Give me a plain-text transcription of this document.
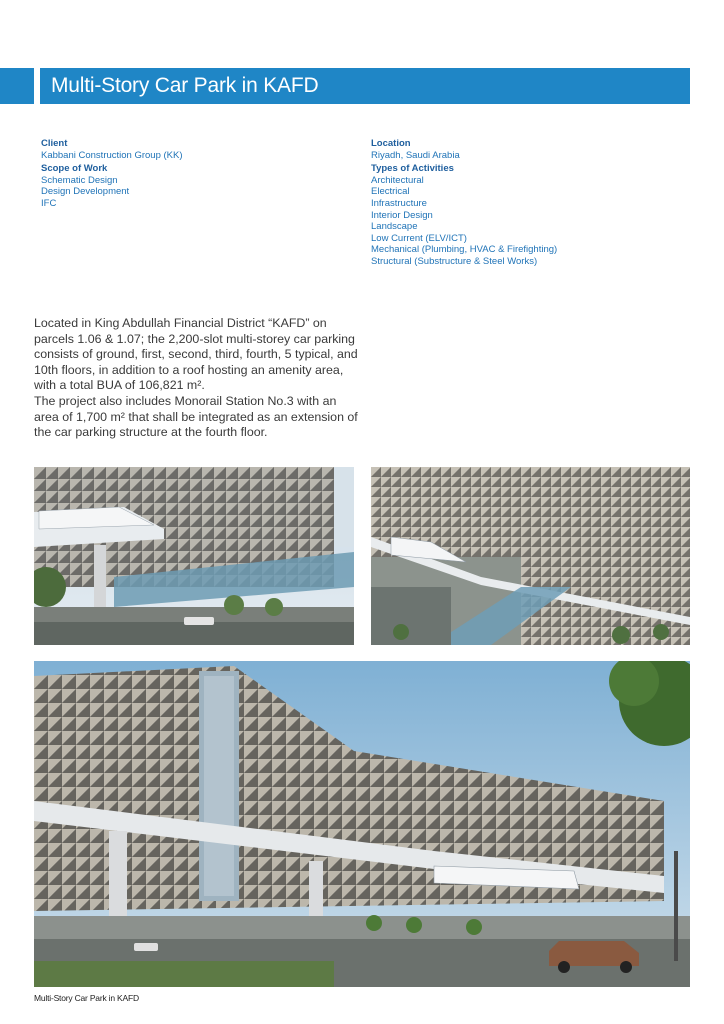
Multi-Story Car Park in KAFD
Client
Kabbani Construction Group (KK)
Scope of Work
Schematic Design
Design Development
IFC
Location
Riyadh, Saudi Arabia
Types of Activities
Architectural
Electrical
Infrastructure
Interior Design
Landscape
Low Current (ELV/ICT)
Mechanical (Plumbing, HVAC & Firefighting)
Structural (Substructure & Steel Works)

Located in King Abdullah Financial District “KAFD” on parcels 1.06 & 1.07; the 2,200-slot multi-storey car parking consists of ground, first, second, third, fourth, 5 typical, and 10th floors, in addition to a roof hosting an amenity area, with a total BUA of 106,821 m².

The project also includes Monorail Station No.3 with an area of 1,700 m² that shall be integrated as an extension of the car parking structure at the fourth floor.

Multi-Story Car Park in KAFD
